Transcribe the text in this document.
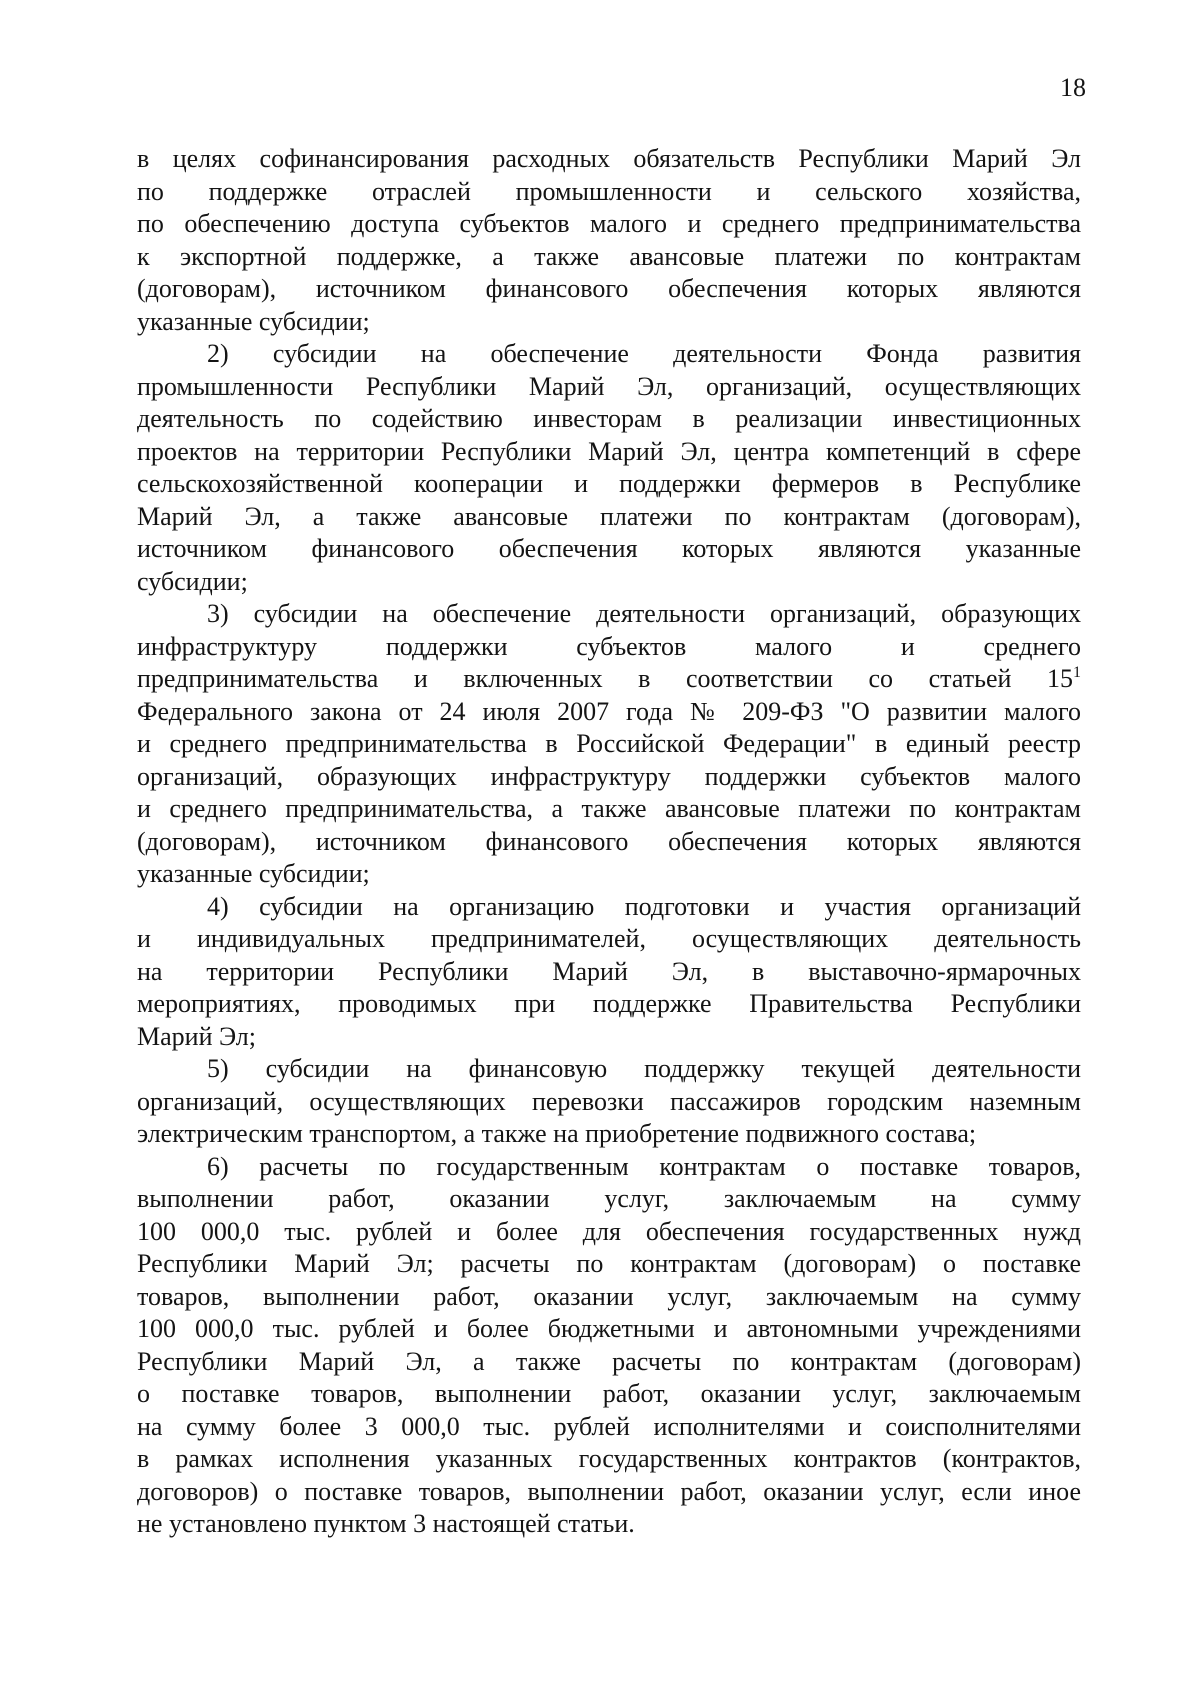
18
в целях софинансирования расходных обязательств Республики Марий Эл
по поддержке отраслей промышленности и сельского хозяйства,
по обеспечению доступа субъектов малого и среднего предпринимательства
к экспортной поддержке, а также авансовые платежи по контрактам
(договорам), источником финансового обеспечения которых являются
указанные субсидии;
2) субсидии на обеспечение деятельности Фонда развития
промышленности Республики Марий Эл, организаций, осуществляющих
деятельность по содействию инвесторам в реализации инвестиционных
проектов на территории Республики Марий Эл, центра компетенций в сфере
сельскохозяйственной кооперации и поддержки фермеров в Республике
Марий Эл, а также авансовые платежи по контрактам (договорам),
источником финансового обеспечения которых являются указанные
субсидии;
3) субсидии на обеспечение деятельности организаций, образующих
инфраструктуру поддержки субъектов малого и среднего
предпринимательства и включенных в соответствии со статьей $15^1$
Федерального закона от 24 июля 2007 года № 209-ФЗ "О развитии малого
и среднего предпринимательства в Российской Федерации" в единый реестр
организаций, образующих инфраструктуру поддержки субъектов малого
и среднего предпринимательства, а также авансовые платежи по контрактам
(договорам), источником финансового обеспечения которых являются
указанные субсидии;
4) субсидии на организацию подготовки и участия организаций
и индивидуальных предпринимателей, осуществляющих деятельность
на территории Республики Марий Эл, в выставочно-ярмарочных
мероприятиях, проводимых при поддержке Правительства Республики
Марий Эл;
5) субсидии на финансовую поддержку текущей деятельности
организаций, осуществляющих перевозки пассажиров городским наземным
электрическим транспортом, а также на приобретение подвижного состава;
6) расчеты по государственным контрактам о поставке товаров,
выполнении работ, оказании услуг, заключаемым на сумму
100 000,0 тыс. рублей и более для обеспечения государственных нужд
Республики Марий Эл; расчеты по контрактам (договорам) о поставке
товаров, выполнении работ, оказании услуг, заключаемым на сумму
100 000,0 тыс. рублей и более бюджетными и автономными учреждениями
Республики Марий Эл, а также расчеты по контрактам (договорам)
о поставке товаров, выполнении работ, оказании услуг, заключаемым
на сумму более 3 000,0 тыс. рублей исполнителями и соисполнителями
в рамках исполнения указанных государственных контрактов (контрактов,
договоров) о поставке товаров, выполнении работ, оказании услуг, если иное
не установлено пунктом 3 настоящей статьи.
